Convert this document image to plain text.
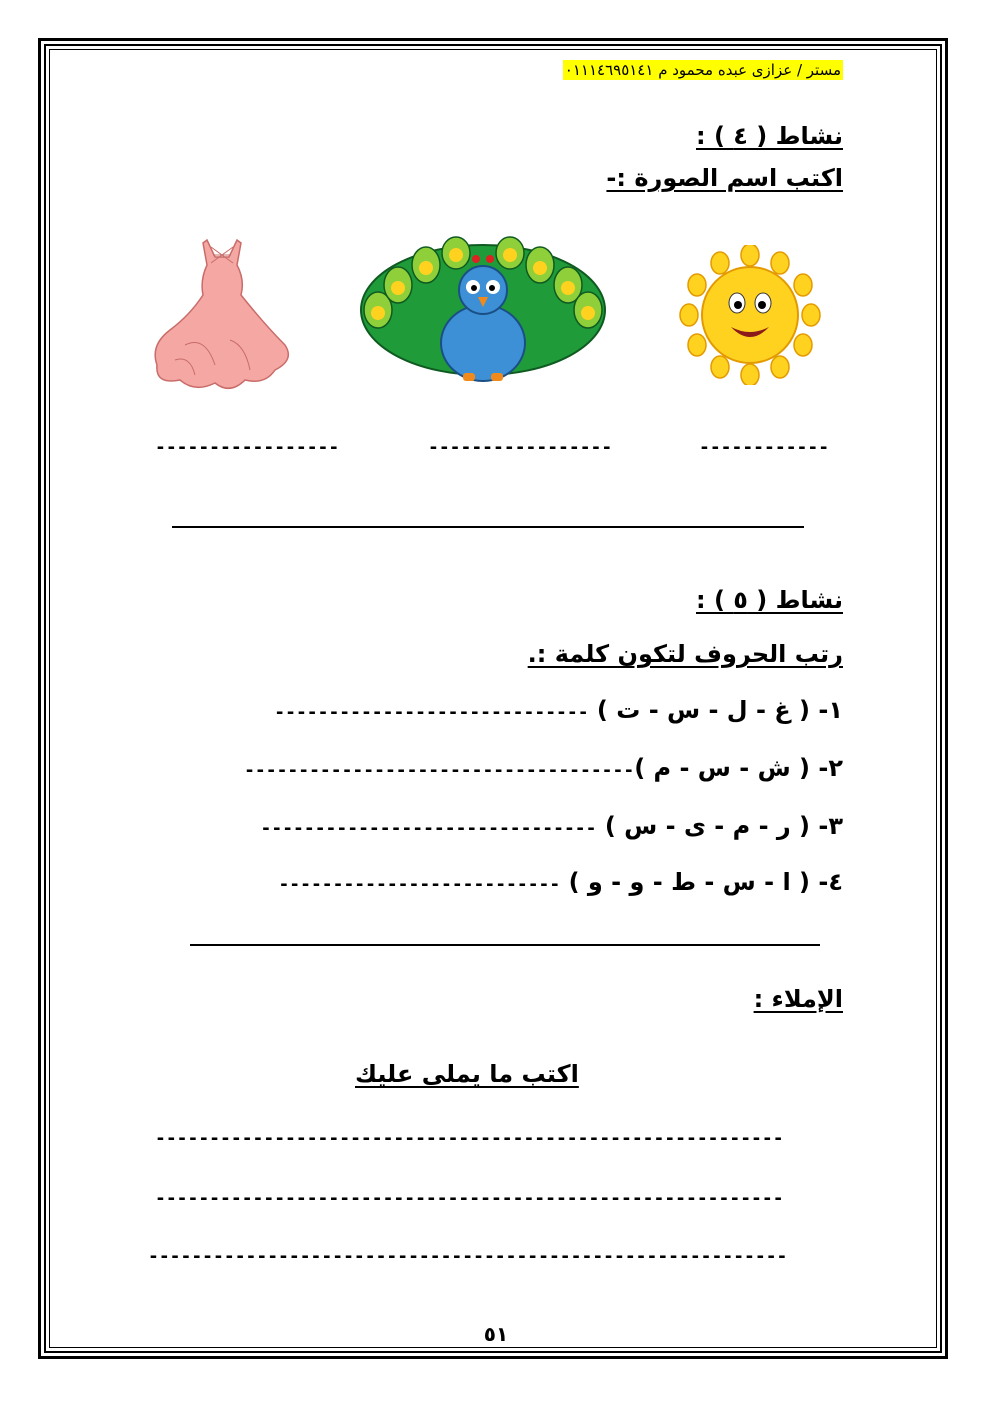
مستر / عزازى عبده محمود م ٠١١١٤٦٩٥١٤١
نشاط ( ٤ ) :
اكتب اسم الصورة :-
-----------------	-----------------	------------
نشاط ( ٥ ) :
رتب الحروف لتكون كلمة :.
١- ( غ - ل - س - ت ) -----------------------------
٢- ( ش - س - م )------------------------------------
٣- ( ر - م - ى - س ) -------------------------------
٤- ( ا - س - ط - و - و ) --------------------------
الإملاء :
اكتب ما يملى عليك
----------------------------------------------------------
----------------------------------------------------------
-----------------------------------------------------------
٥١
